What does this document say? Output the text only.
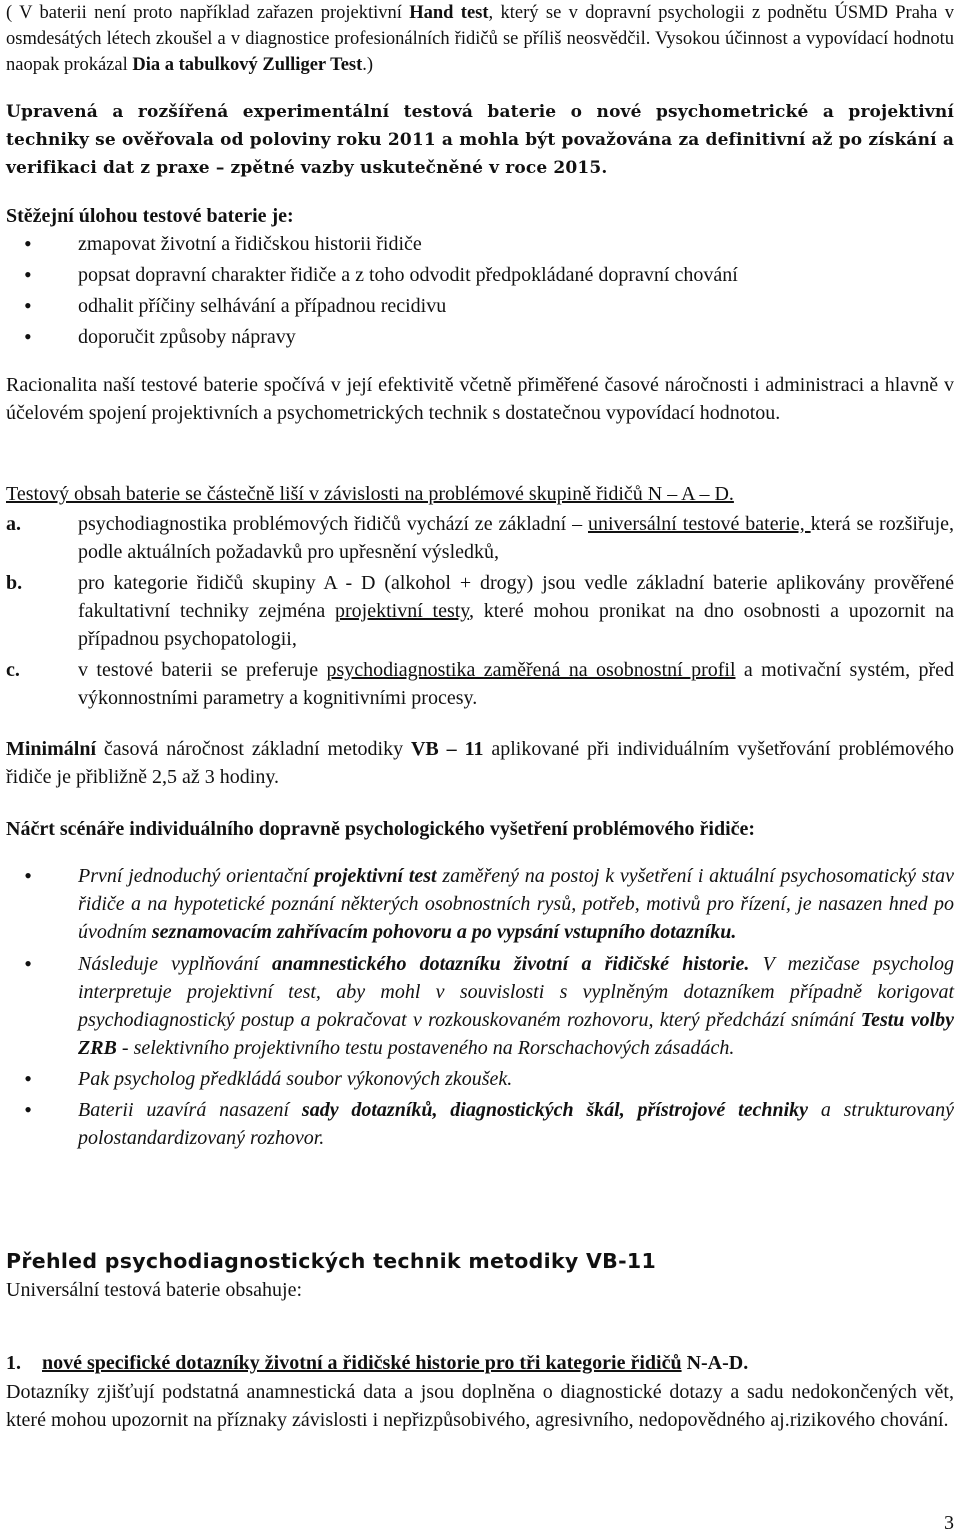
( V baterii není proto například zařazen projektivní Hand test, který se v dopravní psychologii z podnětu ÚSMD Praha v osmdesátých létech zkoušel a v diagnostice profesionálních řidičů se příliš neosvědčil. Vysokou účinnost a vypovídací hodnotu naopak prokázal Dia a tabulkový Zulliger Test.)

Upravená a rozšířená experimentální testová baterie o nové psychometrické a projektivní techniky se ověřovala od poloviny roku 2011 a mohla být považována za definitivní až po získání a verifikaci dat z praxe – zpětné vazby uskutečněné v roce 2015.

Stěžejní úlohou testové baterie je:
• zmapovat životní a řidičskou historii řidiče
• popsat dopravní charakter řidiče a z toho odvodit předpokládané dopravní chování
• odhalit příčiny selhávání a případnou recidivu
• doporučit způsoby nápravy

Racionalita naší testové baterie spočívá v její efektivitě včetně přiměřené časové náročnosti i administraci a hlavně v účelovém spojení projektivních a psychometrických technik s dostatečnou vypovídací hodnotou.

Testový obsah baterie se částečně liší v závislosti na problémové skupině řidičů N – A – D.
a.	psychodiagnostika problémových řidičů vychází ze základní – universální testové baterie, která se rozšiřuje, podle aktuálních požadavků pro upřesnění výsledků,
b.	pro kategorie řidičů skupiny A - D (alkohol + drogy) jsou vedle základní baterie aplikovány prověřené fakultativní techniky zejména projektivní testy, které mohou pronikat na dno osobnosti a upozornit na případnou psychopatologii,
c.	v testové baterii se preferuje psychodiagnostika zaměřená na osobnostní profil a motivační systém, před výkonnostními parametry a kognitivními procesy.

Minimální časová náročnost základní metodiky VB – 11 aplikované při individuálním vyšetřování problémového řidiče je přibližně 2,5 až 3 hodiny.

Náčrt scénáře individuálního dopravně psychologického vyšetření problémového řidiče:
• První jednoduchý orientační projektivní test zaměřený na postoj k vyšetření i aktuální psychosomatický stav řidiče a na hypotetické poznání některých osobnostních rysů, potřeb, motivů pro řízení, je nasazen hned po úvodním seznamovacím zahřívacím pohovoru a po vypsání vstupního dotazníku.
• Následuje vyplňování anamnestického dotazníku životní a řidičské historie. V mezičase psycholog interpretuje projektivní test, aby mohl v souvislosti s vyplněným dotazníkem případně korigovat psychodiagnostický postup a pokračovat v rozkouskovaném rozhovoru, který předchází snímání Testu volby ZRB - selektivního projektivního testu postaveného na Rorschachových zásadách.
• Pak psycholog předkládá soubor výkonových zkoušek.
• Baterii uzavírá nasazení sady dotazníků, diagnostických škál, přístrojové techniky a strukturovaný polostandardizovaný rozhovor.
Přehled psychodiagnostických technik metodiky VB-11
Universální testová baterie obsahuje:
1. nové specifické dotazníky životní a řidičské historie pro tři kategorie řidičů N-A-D.

Dotazníky zjišťují podstatná anamnestická data a jsou doplněna o diagnostické dotazy a sadu nedokončených vět, které mohou upozornit na příznaky závislosti i nepřizpůsobivého, agresivního, nedopovědného aj.rizikového chování.

3
